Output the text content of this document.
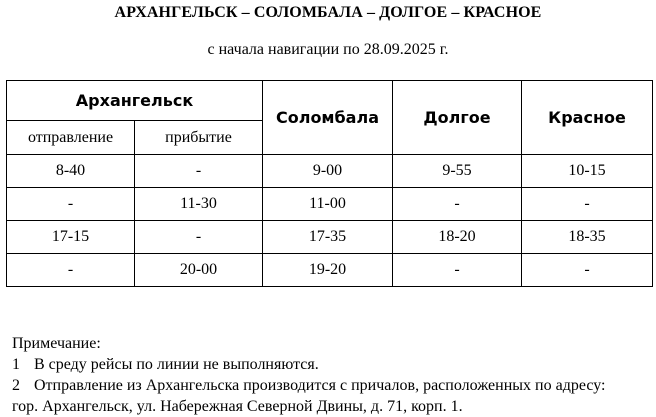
АРХАНГЕЛЬСК – СОЛОМБАЛА – ДОЛГОЕ – КРАСНОЕ
с начала навигации по 28.09.2025 г.
Архангельск		Соломбала	Долгое	Красное
отправление	прибытие			
8-40	-	9-00	9-55	10-15
-	11-30	11-00	-	-
17-15	-	17-35	18-20	18-35
-	20-00	19-20	-	-
Примечание:
1 В среду рейсы по линии не выполняются.
2 Отправление из Архангельска производится с причалов, расположенных по адресу:
гор. Архангельск, ул. Набережная Северной Двины, д. 71, корп. 1.
